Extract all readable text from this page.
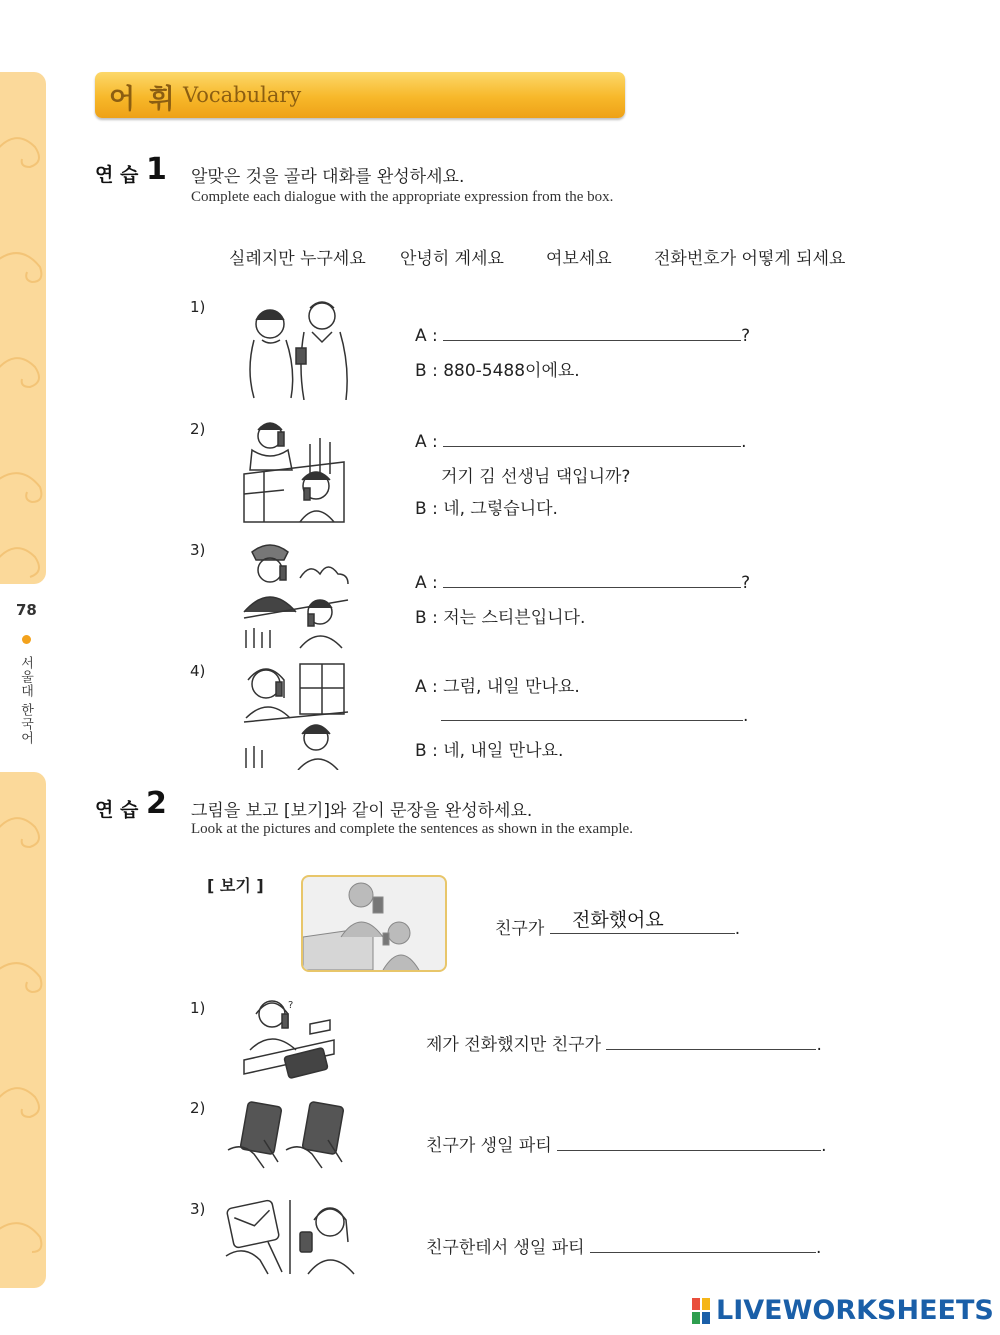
78
서울대 한국어
어 휘 Vocabulary
연 습 1 알맞은 것을 골라 대화를 완성하세요.
Complete each dialogue with the appropriate expression from the box.
실례지만 누구세요 안녕히 계세요 여보세요 전화번호가 어떻게 되세요
1)
A :	?
B : 880-5488이에요.
2)
A :	.
거기 김 선생님 댁입니까?
B : 네, 그렇습니다.
3)
A :	?
B : 저는 스티븐입니다.
4)
A : 그럼, 내일 만나요.
.
B : 네, 내일 만나요.
연 습 2 그림을 보고 [보기]와 같이 문장을 완성하세요.
Look at the pictures and complete the sentences as shown in the example.
[ 보기 ]
친구가	.
전화했어요
1)	?
제가 전화했지만 친구가	.
2)
친구가 생일 파티	.
3)
친구한테서 생일 파티	.
LIVEWORKSHEETS
